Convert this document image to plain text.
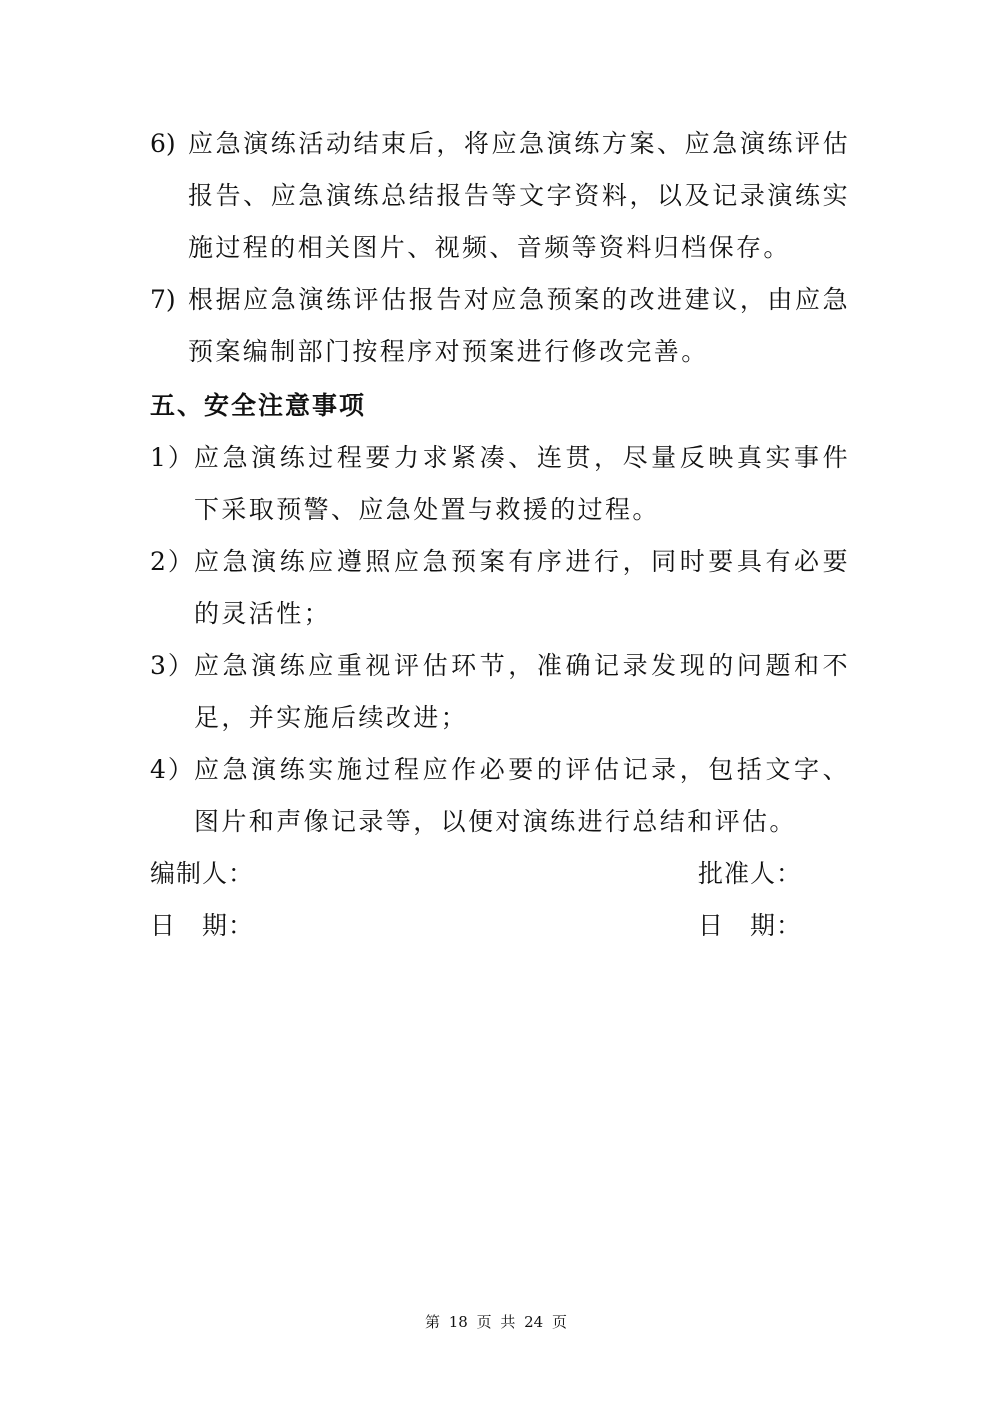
6) 应急演练活动结束后，将应急演练方案、应急演练评估报告、应急演练总结报告等文字资料，以及记录演练实施过程的相关图片、视频、音频等资料归档保存。
7) 根据应急演练评估报告对应急预案的改进建议，由应急预案编制部门按程序对预案进行修改完善。
五、安全注意事项
1） 应急演练过程要力求紧凑、连贯，尽量反映真实事件下采取预警、应急处置与救援的过程。
2） 应急演练应遵照应急预案有序进行，同时要具有必要的灵活性；
3） 应急演练应重视评估环节，准确记录发现的问题和不足，并实施后续改进；
4） 应急演练实施过程应作必要的评估记录，包括文字、图片和声像记录等，以便对演练进行总结和评估。
编制人：
日　期：
批准人：
日　期：
第 18 页 共 24 页
